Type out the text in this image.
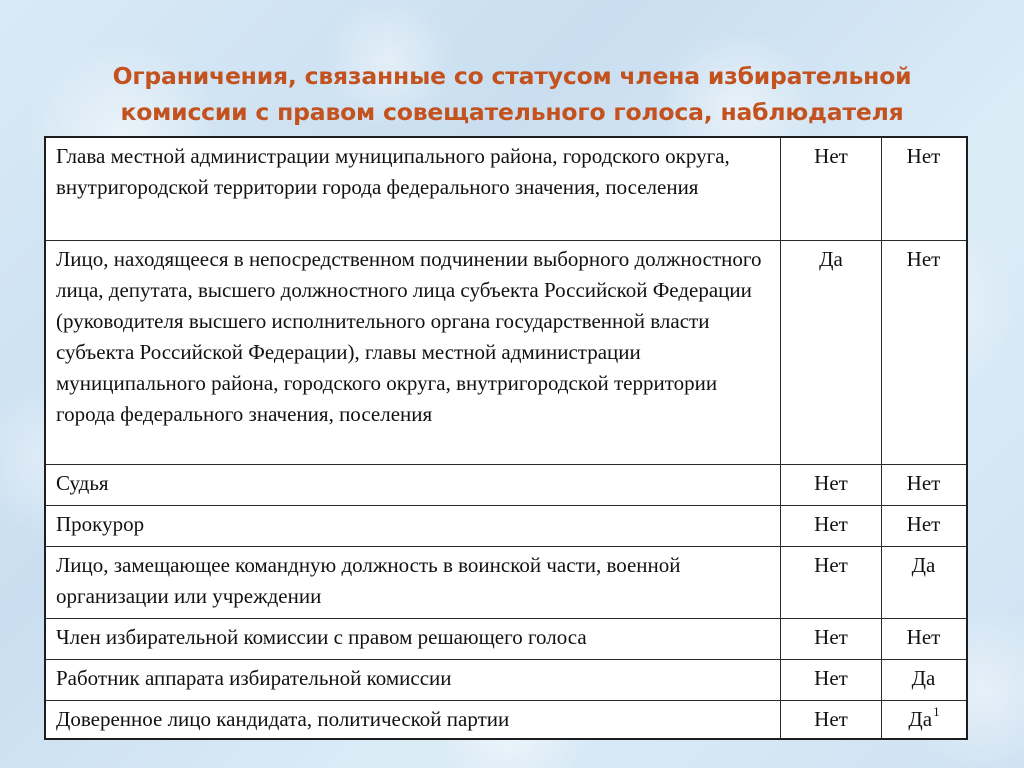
Ограничения, связанные со статусом члена избирательной
комиссии с правом совещательного голоса, наблюдателя
Глава местной администрации муниципального района, городского округа, внутригородской территории города федерального значения, поселения	Нет	Нет
Лицо, находящееся в непосредственном подчинении выборного должностного лица, депутата, высшего должностного лица субъекта Российской Федерации (руководителя высшего исполнительного органа государственной власти субъекта Российской Федерации), главы местной администрации муниципального района, городского округа, внутригородской территории города федерального значения, поселения	Да	Нет
Судья	Нет	Нет
Прокурор	Нет	Нет
Лицо, замещающее командную должность в воинской части, военной организации или учреждении	Нет	Да
Член избирательной комиссии с правом решающего голоса	Нет	Нет
Работник аппарата избирательной комиссии	Нет	Да
Доверенное лицо кандидата, политической партии	Нет	Да$^1$
